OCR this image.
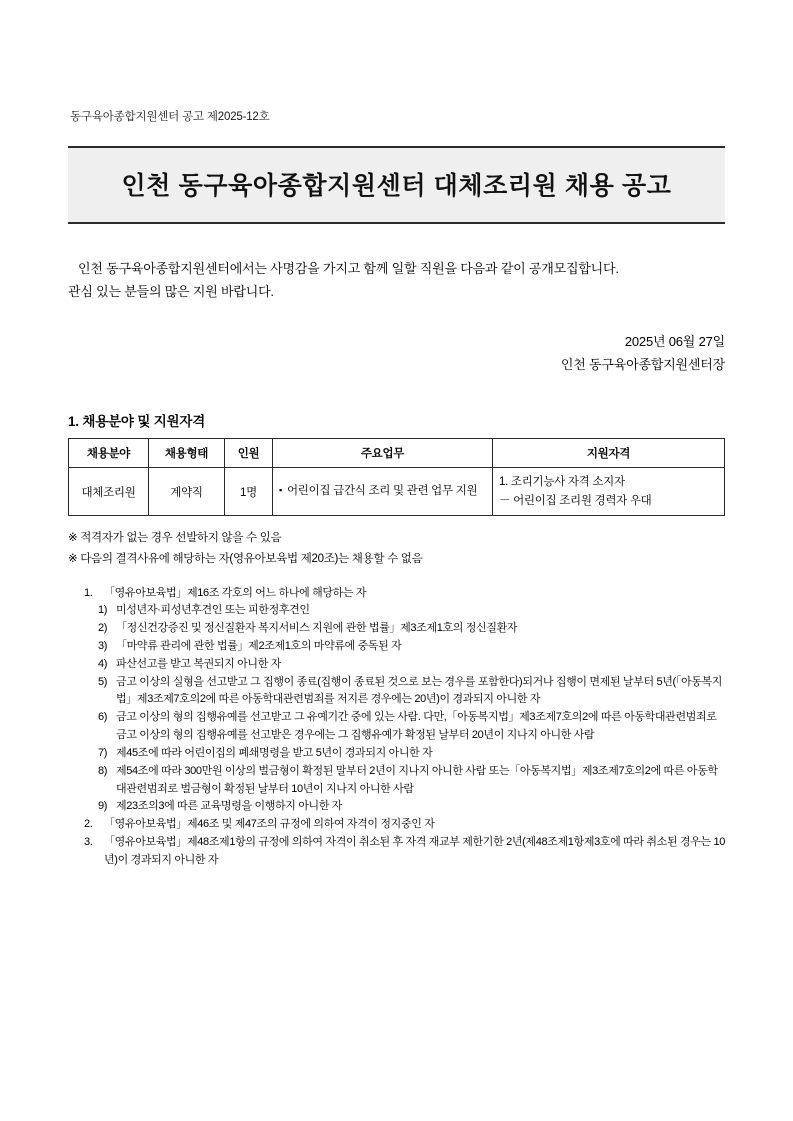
동구육아종합지원센터 공고 제2025-12호
인천 동구육아종합지원센터 대체조리원 채용 공고

인천 동구육아종합지원센터에서는 사명감을 가지고 함께 일할 직원을 다음과 같이 공개모집합니다.

관심 있는 분들의 많은 지원 바랍니다.

2025년 06월 27일
인천 동구육아종합지원센터장
1. 채용분야 및 지원자격
채용분야	채용형태	인원	주요업무	지원자격
대체조리원	계약직	1명	▪ 어린이집 급간식 조리 및 관련 업무 지원	1. 조리기능사 자격 소지자
－ 어린이집 조리원 경력자 우대
※ 적격자가 없는 경우 선발하지 않을 수 있음
※ 다음의 결격사유에 해당하는 자(영유아보육법 제20조)는 채용할 수 없음
1.	「영유아보육법」제16조 각호의 어느 하나에 해당하는 자
1) 미성년자·피성년후견인 또는 피한정후견인
2) 「정신건강증진 및 정신질환자 복지서비스 지원에 관한 법률」제3조제1호의 정신질환자
3) 「마약류 관리에 관한 법률」제2조제1호의 마약류에 중독된 자
4) 파산선고를 받고 복권되지 아니한 자
5) 금고 이상의 실형을 선고받고 그 집행이 종료(집행이 종료된 것으로 보는 경우를 포함한다)되거나 집행이 면제된 날부터 5년(「아동복지법」제3조제7호의2에 따른 아동학대관련범죄를 저지른 경우에는 20년)이 경과되지 아니한 자
6) 금고 이상의 형의 집행유예를 선고받고 그 유예기간 중에 있는 사람. 다만,「아동복지법」제3조제7호의2에 따른 아동학대관련범죄로 금고 이상의 형의 집행유예를 선고받은 경우에는 그 집행유예가 확정된 날부터 20년이 지나지 아니한 사람
7) 제45조에 따라 어린이집의 폐쇄명령을 받고 5년이 경과되지 아니한 자
8) 제54조에 따라 300만원 이상의 벌금형이 확정된 말부터 2년이 지나지 아니한 사람 또는「아동복지법」제3조제7호의2에 따른 아동학대관련범죄로 벌금형이 확정된 날부터 10년이 지나지 아니한 사람
9) 제23조의3에 따른 교육명령을 이행하지 아니한 자
2.	「영유아보육법」제46조 및 제47조의 규정에 의하여 자격이 정지중인 자
3.	「영유아보육법」제48조제1항의 규정에 의하여 자격이 취소된 후 자격 재교부 제한기한 2년(제48조제1항제3호에 따라 취소된 경우는 10년)이 경과되지 아니한 자
